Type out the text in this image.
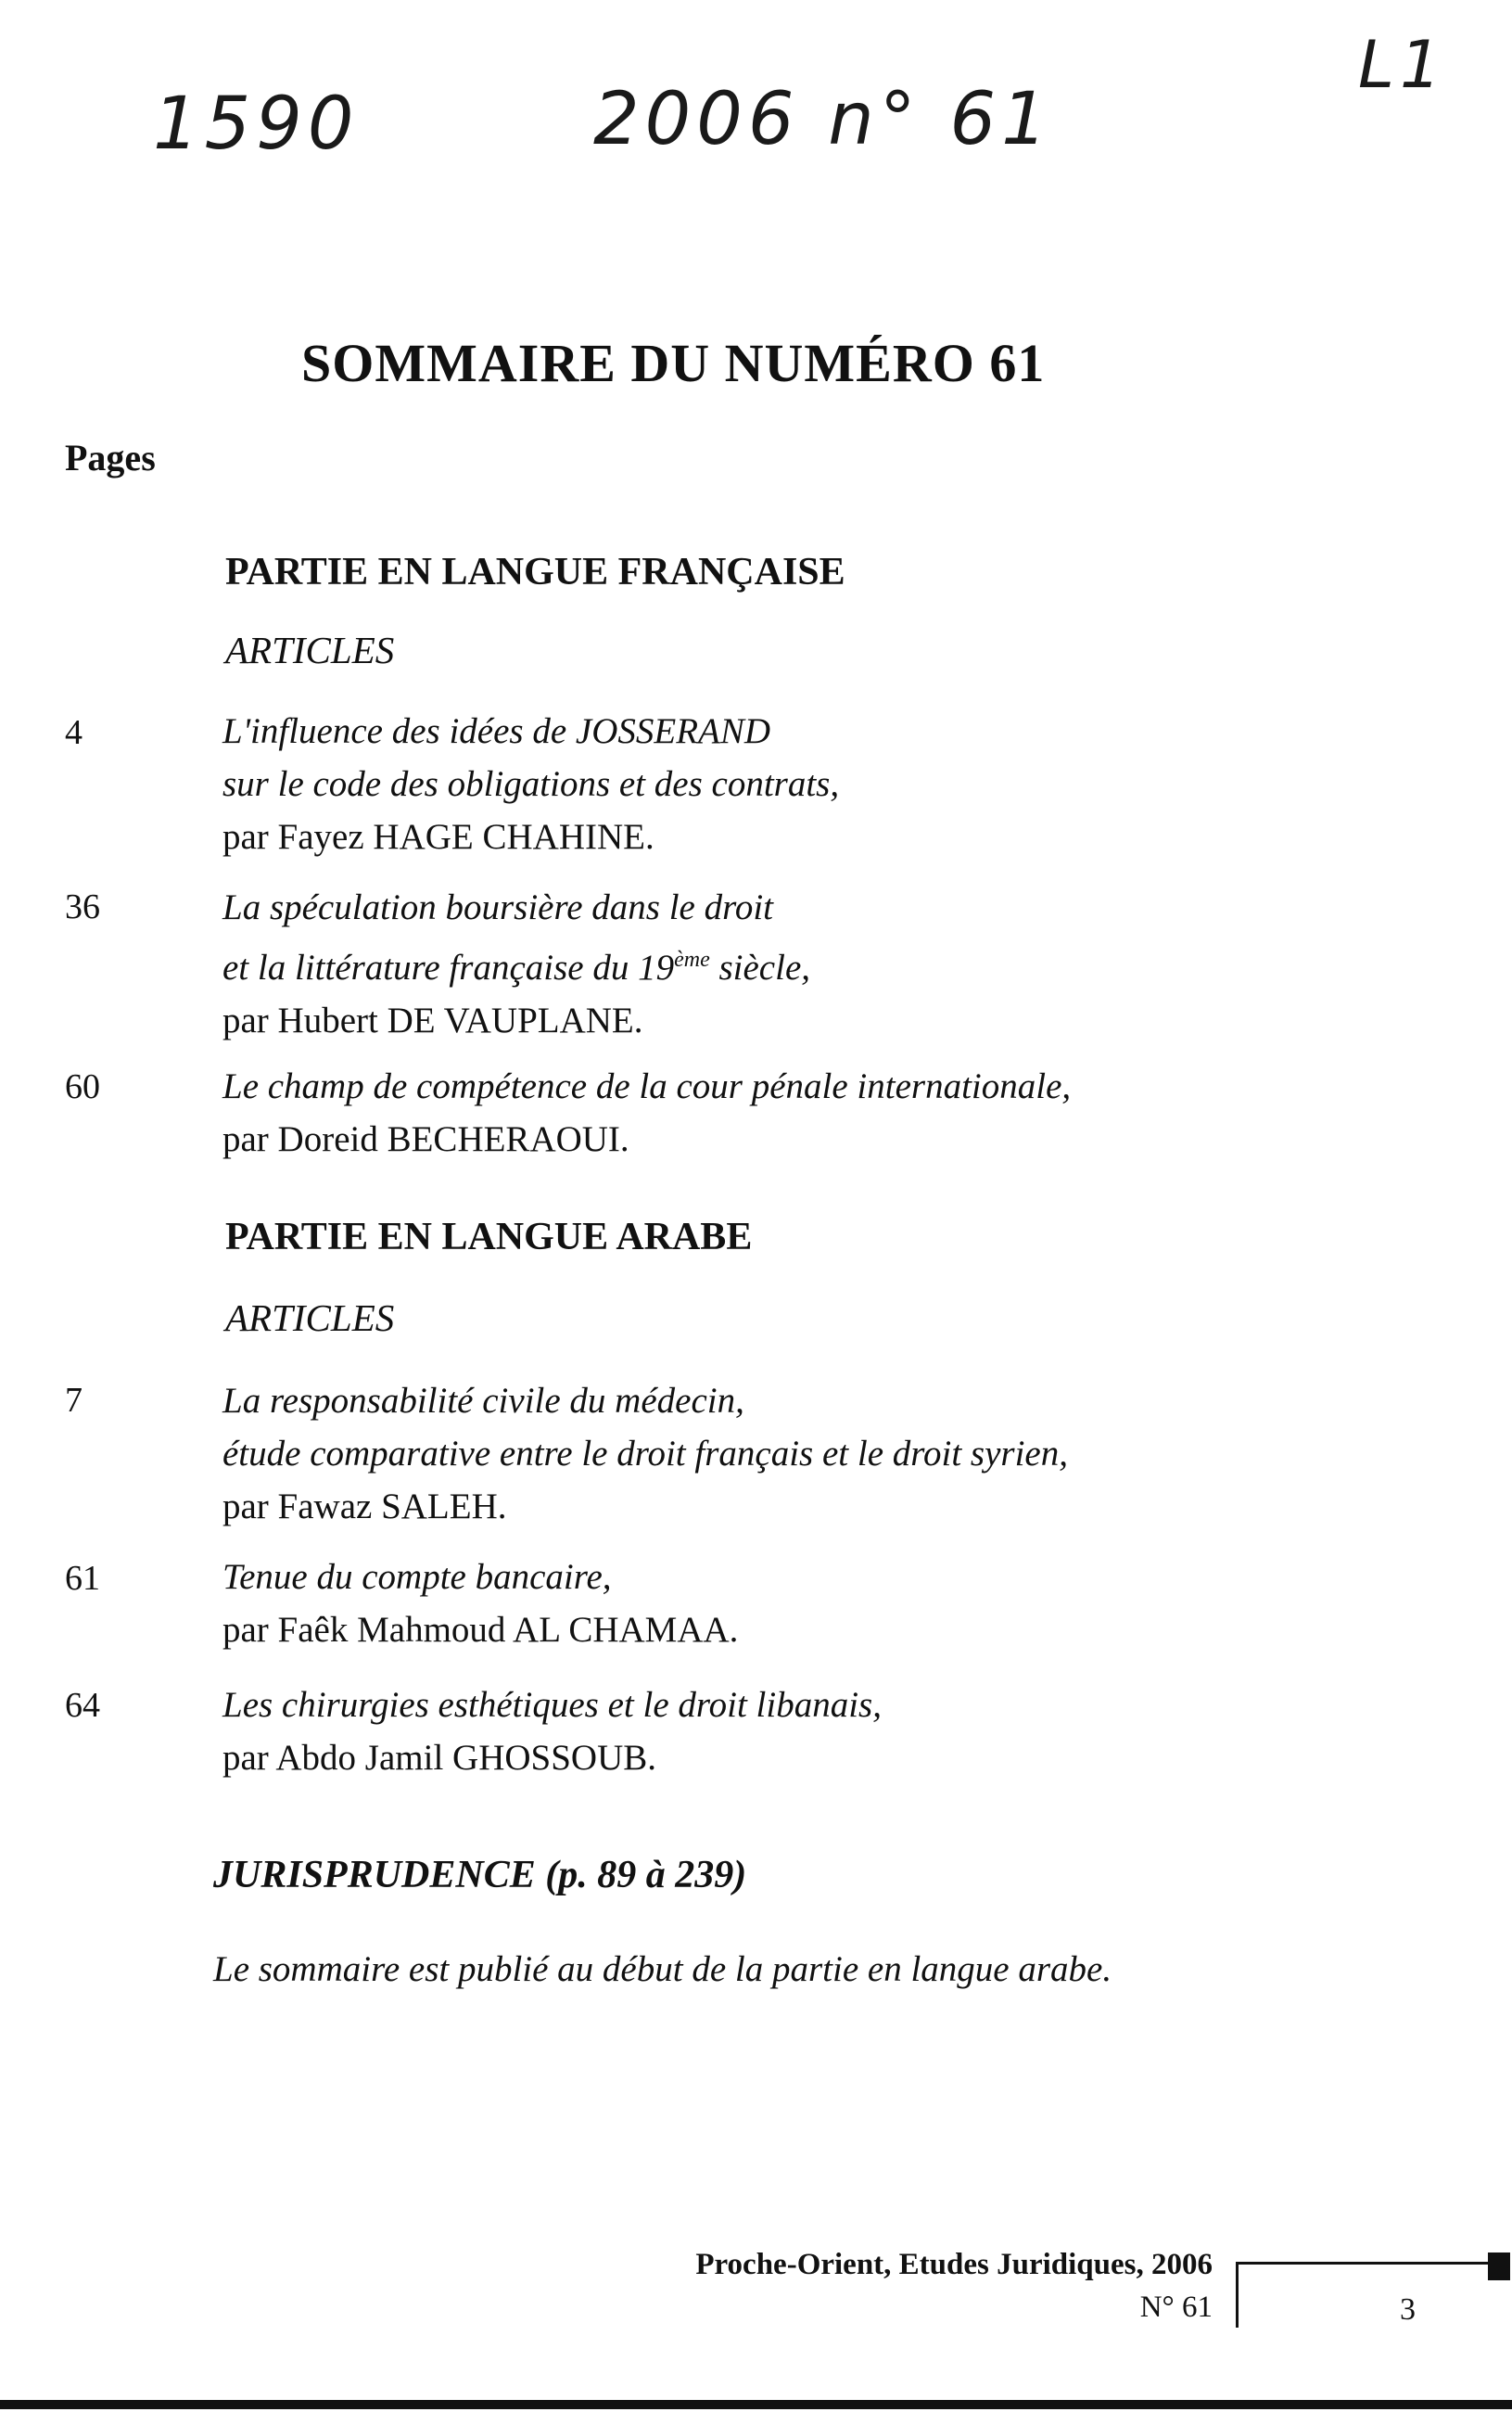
1590	2006 n° 61
L1
SOMMAIRE DU NUMÉRO 61
Pages
PARTIE EN LANGUE FRANÇAISE
ARTICLES
4	L'influence des idées de JOSSERAND
sur le code des obligations et des contrats,
par Fayez HAGE CHAHINE.
36	La spéculation boursière dans le droit
et la littérature française du 19ème siècle,
par Hubert DE VAUPLANE.
60	Le champ de compétence de la cour pénale internationale,
par Doreid BECHERAOUI.
PARTIE EN LANGUE ARABE
ARTICLES
7	La responsabilité civile du médecin,
étude comparative entre le droit français et le droit syrien,
par Fawaz SALEH.
61	Tenue du compte bancaire,
par Faêk Mahmoud AL CHAMAA.
64	Les chirurgies esthétiques et le droit libanais,
par Abdo Jamil GHOSSOUB.
JURISPRUDENCE (p. 89 à 239)
Le sommaire est publié au début de la partie en langue arabe.
Proche-Orient, Etudes Juridiques, 2006
N° 61	3
